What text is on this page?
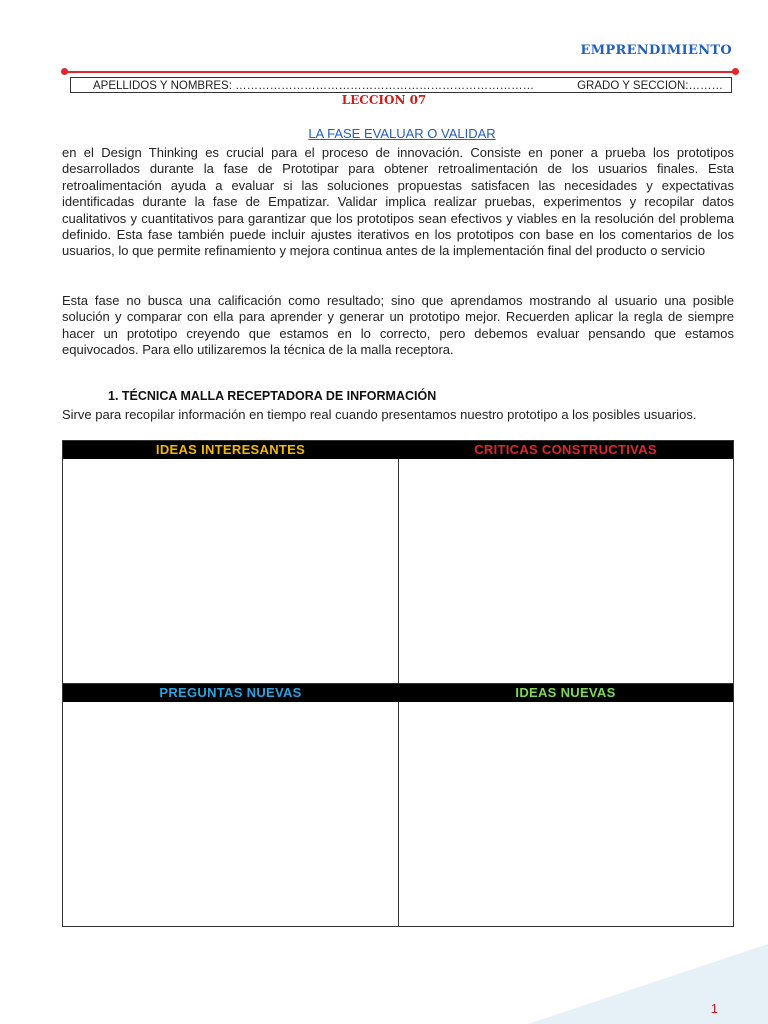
EMPRENDIMIENTO
APELLIDOS Y NOMBRES: ……………………………………………………………………	GRADO Y SECCION:………
LECCION 07
LA FASE EVALUAR O VALIDAR

en el Design Thinking es crucial para el proceso de innovación. Consiste en poner a prueba los prototipos desarrollados durante la fase de Prototipar para obtener retroalimentación de los usuarios finales. Esta retroalimentación ayuda a evaluar si las soluciones propuestas satisfacen las necesidades y expectativas identificadas durante la fase de Empatizar. Validar implica realizar pruebas, experimentos y recopilar datos cualitativos y cuantitativos para garantizar que los prototipos sean efectivos y viables en la resolución del problema definido. Esta fase también puede incluir ajustes iterativos en los prototipos con base en los comentarios de los usuarios, lo que permite refinamiento y mejora continua antes de la implementación final del producto o servicio

Esta fase no busca una calificación como resultado; sino que aprendamos mostrando al usuario una posible solución y comparar con ella para aprender y generar un prototipo mejor. Recuerden aplicar la regla de siempre hacer un prototipo creyendo que estamos en lo correcto, pero debemos evaluar pensando que estamos equivocados. Para ello utilizaremos la técnica de la malla receptora.

1. TÉCNICA MALLA RECEPTADORA DE INFORMACIÓN

Sirve para recopilar información en tiempo real cuando presentamos nuestro prototipo a los posibles usuarios.

IDEAS INTERESANTES	CRITICAS CONSTRUCTIVAS
PREGUNTAS NUEVAS	IDEAS NUEVAS
1
